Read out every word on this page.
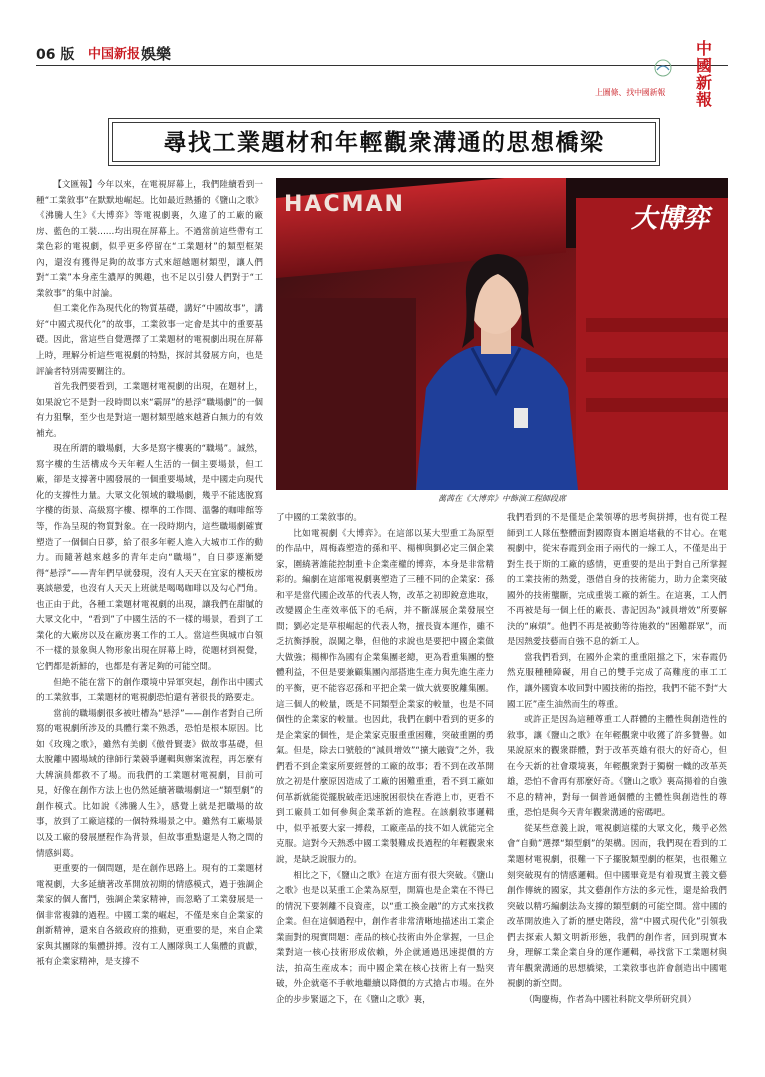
06 版 中国新报 娛樂	中
國
新
報
上圖條、找中國新報
尋找工業題材和年輕觀衆溝通的思想橋梁

【文匯報】今年以來，在電視屏幕上，我們陸續看到一種“工業敘事”在默默地崛起。比如最近熱播的《鹽山之歌》《沸騰人生》《大博弈》等電視劇裏，久違了的工廠的廠房、藍色的工裝……均出現在屏幕上。不過當前這些帶有工業色彩的電視劇，似乎更多停留在“工業題材”的類型框架內，還沒有獲得足夠的故事方式來超越題材類型，讓人們對“工業”本身產生濃厚的興趣，也不足以引發人們對于“工業敘事”的集中討論。

但工業化作為現代化的物質基礎，講好“中國故事”，講好“中國式現代化”的故事，工業敘事一定會是其中的重要基礎。因此，當這些自覺選擇了工業題材的電視劇出現在屏幕上時，理解分析這些電視劇的特點，探討其發展方向，也是評論者特別需要關注的。

首先我們要看到，工業題材電視劇的出現，在題材上，如果說它不是對一段時間以來“霸屏”的悬浮“職場劇”的一個有力狙擊，至少也是對這一題材類型越來越蒼白無力的有效補充。

現在所謂的職場劇，大多是寫字樓裏的“職場”。誠然，寫字樓的生活構成今天年輕人生活的一個主要場景，但工廠，卻是支撐著中國發展的一個重要場域，是中國走向現代化的支撐性力量。大眾文化領域的職場劇，幾乎不能逃脫寫字樓的街景、高級寫字樓、標準的工作間、溫馨的咖啡館等等，作為呈現的物質對象。在一段時期内，這些職場劇確實塑造了一個個白日夢，給了很多年輕人進入大城市工作的動力。而隨著越來越多的青年走向“職場”，自日夢逐漸變得“悬浮”——青年們早就發現，沒有人天天在宜家的樓板房裏談戀愛，也沒有人天天上班就是喝喝咖啡以及勾心鬥角。也正由于此，各種工業題材電視劇的出現，讓我們在甜膩的大眾文化中，“看到”了中國生活的不一樣的場景，看到了工業化的大廠房以及在廠房裏工作的工人。當這些與城市白領不一樣的景象與人物形象出現在屏幕上時，從題材到視覺，它們都是新鮮的，也都是有著足夠的可能空間。

但絶不能在當下的創作環境中异軍突起，創作出中國式的工業敘事，工業題材的電視劇恐怕還有著很長的路要走。

當前的職場劇很多被吐槽為“悬浮”——創作者對自己所寫的電視劇所涉及的具體行業不熟悉，恐怕是根本原因。比如《玫瑰之歌》，雖然有美劇《傲骨賢妻》做故事基礎，但太脫離中國場域的律師行業競爭邏輯與辦案流程，再怎麼有大牌演員都救不了場。而我們的工業題材電視劇，目前可見，好像在創作方法上也仍然延續著職場劇這一“類型劇”的創作模式。比如說《沸騰人生》，感覺上就是把職場的故事，放到了工廠這樣的一個特殊場景之中。雖然有工廠場景以及工廠的發展歷程作為背景，但故事重點還是人物之間的情感糾葛。

更重要的一個問題，是在創作思路上。現有的工業題材電視劇，大多延續著改革開放初期的情感模式，過于強調企業家的個人奮鬥，強調企業家精神，而忽略了工業發展是一個非常複雜的過程。中國工業的崛起，不僅是來自企業家的創新精神，還來自各級政府的推動，更重要的是，來自企業家與其團隊的集體拼搏。沒有工人團隊與工人集體的貢獻，衹有企業家精神，是支撐不

HACMAN	大博弈
萬茜在《大博弈》中飾演工程師段席

了中國的工業敘事的。

比如電視劇《大博弈》。在這部以某大型重工為原型的作品中，周梅森塑造的孫和平、楊柳與劉必定三個企業家，圍繞著誰能控制重卡企業產權的博弈，本身是非常精彩的。編劇在這部電視劇裏塑造了三種不同的企業家：孫和平是當代國企改革的代表人物，改革之初即銳意進取，改變國企生產效率低下的毛病，并不斷謀展企業發展空間；劉必定是草根崛起的代表人物，擅長資本運作，雖不乏抗衡掙脫，誤闖之舉，但他的求說也是要把中國企業做大做強；楊柳作為國有企業集團老總，更為看重集團的整體利益，不但是要兼顧集團內部搭進生產力與先進生產力的平衡，更不能容忍孫和平把企業一做大就要脫離集團。這三個人的較量，既是不同類型企業家的較量，也是不同個性的企業家的較量。也因此，我們在劇中看到的更多的是企業家的個性，是企業家克服重重困難，突破重圍的勇氣。但是，除去口號般的“減員增效”“擴大融資”之外，我們看不到企業家所要經營的工廠的故事；看不到在改革開放之初是什麼原因造成了工廠的困難重重，看不到工廠如何革新就能從擺脫破產迅速脫困很快在香港上市，更看不到工廠員工如何參與企業革新的進程。在該劇敘事邏輯中，似乎衹要大家一搏殺，工廠產品的技不如人就能完全克服。這對今天熱悉中國工業製難成長過程的年輕觀衆來說，是缺乏說服力的。

相比之下，《鹽山之歌》在這方面有很大突破。《鹽山之歌》也是以某重工企業為原型，開篇也是企業在不得已的情況下要剝離不良資產，以“重工換金融”的方式來找救企業。但在這個過程中，創作者非常清晰地描述出工業企業面對的現實問題：產品的核心技術由外企掌握，一旦企業對這一核心技術形成依賴，外企就通過迅速提價的方法，拍高生産成本；而中國企業在核心技術上有一點突破，外企就毫不手軟地繼續以降價的方式搶占市場。在外企的步步緊逼之下，在《鹽山之歌》裏，

我們看到的不是僅是企業領導的思考與拼搏，也有從工程師到工人隊伍整體面對國際資本圍追堵截的不甘心。在電視劇中，從宋春霞到金雨子兩代的一線工人，不僅是出于對生長于斯的工廠的感情，更重要的是出于對自己所掌握的工業技術的熱愛，憑借自身的技術能力，助力企業突破國外的技術壟斷，完成重裝工廠的新生。在這裏，工人們不再被是每一個上任的廠長、書記因為“減員增效”所要解決的“麻煩”。他們不再是被動等待施救的“困難群眾”，而是因熱愛技藝而自強不息的新工人。

當我們看到，在國外企業的重重阻擋之下，宋春霞仍然克服種種障礙，用自己的雙手完成了高難度的車工工作，讓外國資本收回對中國技術的指控，我們不能不對“大國工匠”產生油然而生的尊重。

或許正是因為這種尊重工人群體的主體性與創造性的敘事，讓《鹽山之歌》在年輕觀衆中收獲了許多贊譽。如果說原來的觀衆群體，對于改革英雄有很大的好奇心，但在今天新的社會環境裏，年輕觀衆對于獨樹一幟的改革英雄，恐怕不會再有那麼好奇。《鹽山之歌》裏高揚着的自強不息的精神，對每一個普通個體的主體性與創造性的尊重，恐怕是與今天青年觀衆溝通的密碼吧。

從某些意義上說，電視劇這樣的大眾文化，幾乎必然會“自動”選擇“類型劇”的架構。因而，我們現在看到的工業題材電視劇，很難一下子擺脫類型劇的框架，也很難立刻突破現有的情感邏輯。但中國畢竟是有着現實主義文藝創作傳統的國家，其文藝創作方法的多元性，還是給我們突破以精巧編劇法為支撐的類型劇的可能空間。當中國的改革開放進入了新的歷史階段，當“中國式現代化”引領我們去探索人類文明新形態，我們的創作者，回到現實本身，理解工業企業自身的運作邏輯，尋找當下工業題材與青年觀衆溝通的思想橋梁，工業敘事也許會創造出中國電視劇的新空間。

（陶慶梅，作者為中國社科院文學所研究員）
